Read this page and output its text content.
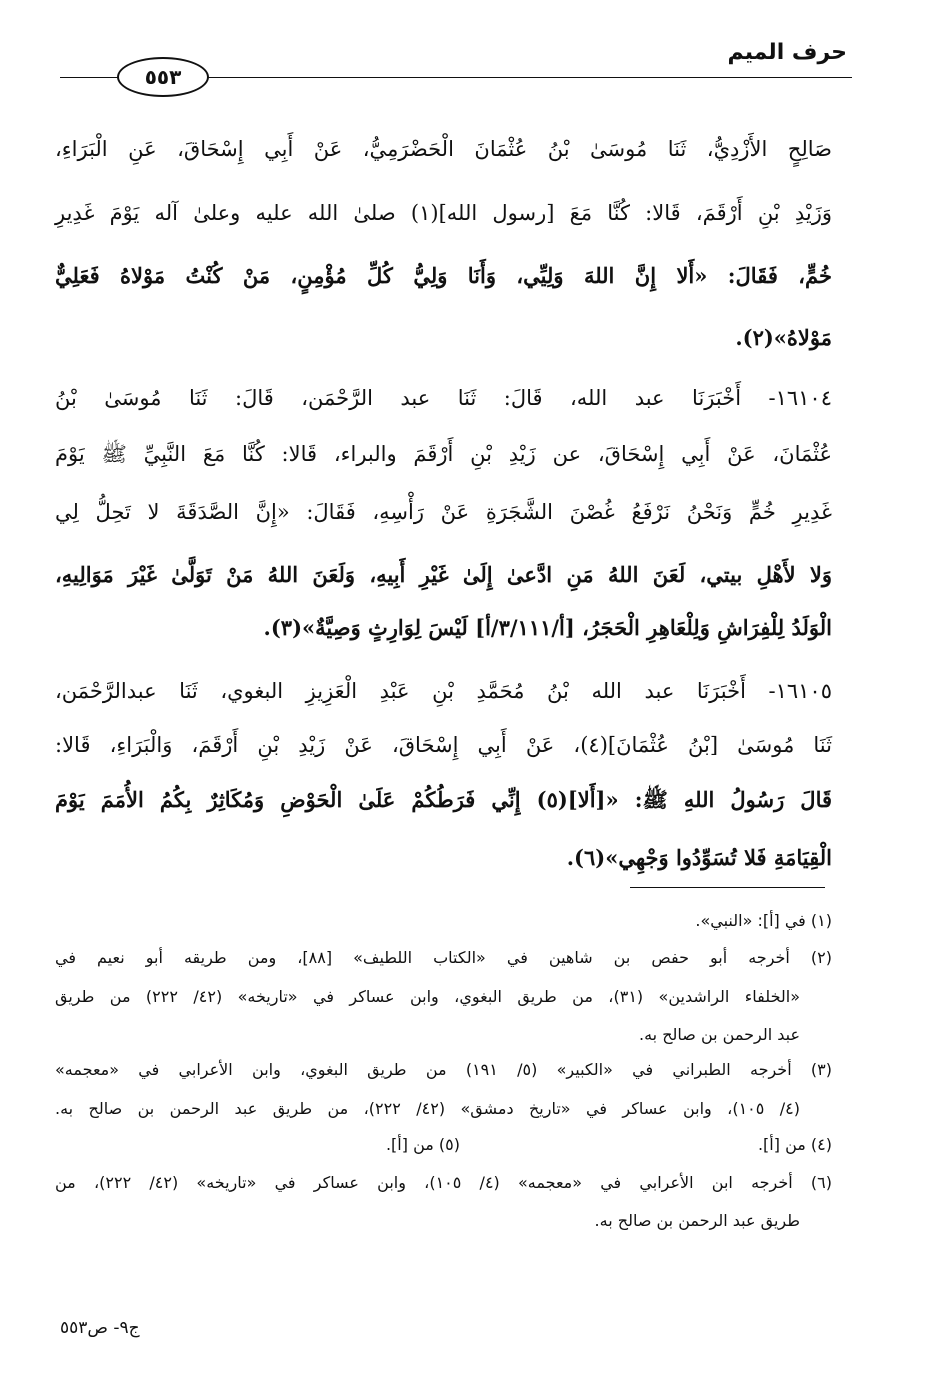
حرف الميم
٥٥٣
صَالِحٍ الأَزْدِيُّ، ثَنَا مُوسَىٰ بْنُ عُثْمَانَ الْحَضْرَمِيُّ، عَنْ أَبِي إِسْحَاقَ، عَنِ الْبَرَاءِ،
وَزَيْدِ بْنِ أَرْقَمَ، قَالا: كُنَّا مَعَ [رسول الله](١) صلىٰ الله عليه وعلىٰ آله يَوْمَ غَدِيرِ
خُمٍّ، فَقَالَ: «أَلا إِنَّ اللهَ وَلِيِّي، وَأَنَا وَلِيُّ كُلِّ مُؤْمِنٍ، مَنْ كُنْتُ مَوْلاهُ فَعَلِيٌّ
مَوْلاهُ»(٢).
١٦١٠٤- أَخْبَرَنَا عبد الله، قَالَ: ثَنَا عبد الرَّحْمَن، قَالَ: ثَنَا مُوسَىٰ بْنُ
عُثْمَانَ، عَنْ أَبِي إِسْحَاقَ، عن زَيْدِ بْنِ أَرْقَمَ والبراء، قَالا: كُنَّا مَعَ النَّبِيِّ ﷺ يَوْمَ
غَدِيرِ خُمٍّ وَنَحْنُ نَرْفَعُ غُصْنَ الشَّجَرَةِ عَنْ رَأْسِهِ، فَقَالَ: «إِنَّ الصَّدَقَةَ لا تَحِلُّ لِي
وَلا لأَهْلِ بيتي، لَعَنَ اللهُ مَنِ ادَّعىٰ إِلَىٰ غَيْرِ أَبِيهِ، وَلَعَنَ اللهُ مَنْ تَوَلَّىٰ غَيْرَ مَوَالِيهِ،
الْوَلَدُ لِلْفِرَاشِ وَلِلْعَاهِرِ الْحَجَرُ، [أ/٣/١١١/أ] لَيْسَ لِوَارِثٍ وَصِيَّةٌ»(٣).
١٦١٠٥- أَخْبَرَنَا عبد الله بْنُ مُحَمَّدِ بْنِ عَبْدِ الْعَزِيزِ البغوي، ثَنَا عبدالرَّحْمَن،
ثَنَا مُوسَىٰ [بْنُ عُثْمَانَ](٤)، عَنْ أَبِي إِسْحَاقَ، عَنْ زَيْدِ بْنِ أَرْقَمَ، وَالْبَرَاءِ، قَالا:
قَالَ رَسُولُ اللهِ ﷺ: «[أَلا](٥) إِنِّي فَرَطُكُمْ عَلَىٰ الْحَوْضِ وَمُكَاثِرٌ بِكُمُ الأُمَمَ يَوْمَ
الْقِيَامَةِ فَلا تُسَوِّدُوا وَجْهِي»(٦).
(١) في [أ]: «النبي».
(٢) أخرجه أبو حفص بن شاهين في «الكتاب اللطيف» [٨٨]، ومن طريقه أبو نعيم في
«الخلفاء الراشدين» (٣١)، من طريق البغوي، وابن عساكر في «تاريخه» (٤٢/ ٢٢٢) من طريق
عبد الرحمن بن صالح به.
(٣) أخرجه الطبراني في «الكبير» (٥/ ١٩١) من طريق البغوي، وابن الأعرابي في «معجمه»
(٤/ ١٠٥)، وابن عساكر في «تاريخ دمشق» (٤٢/ ٢٢٢)، من طريق عبد الرحمن بن صالح به.
(٤) من [أ].
(٥) من [أ].
(٦) أخرجه ابن الأعرابي في «معجمه» (٤/ ١٠٥)، وابن عساكر في «تاريخه» (٤٢/ ٢٢٢)، من
طريق عبد الرحمن بن صالح به.
ج٩- ص٥٥٣
